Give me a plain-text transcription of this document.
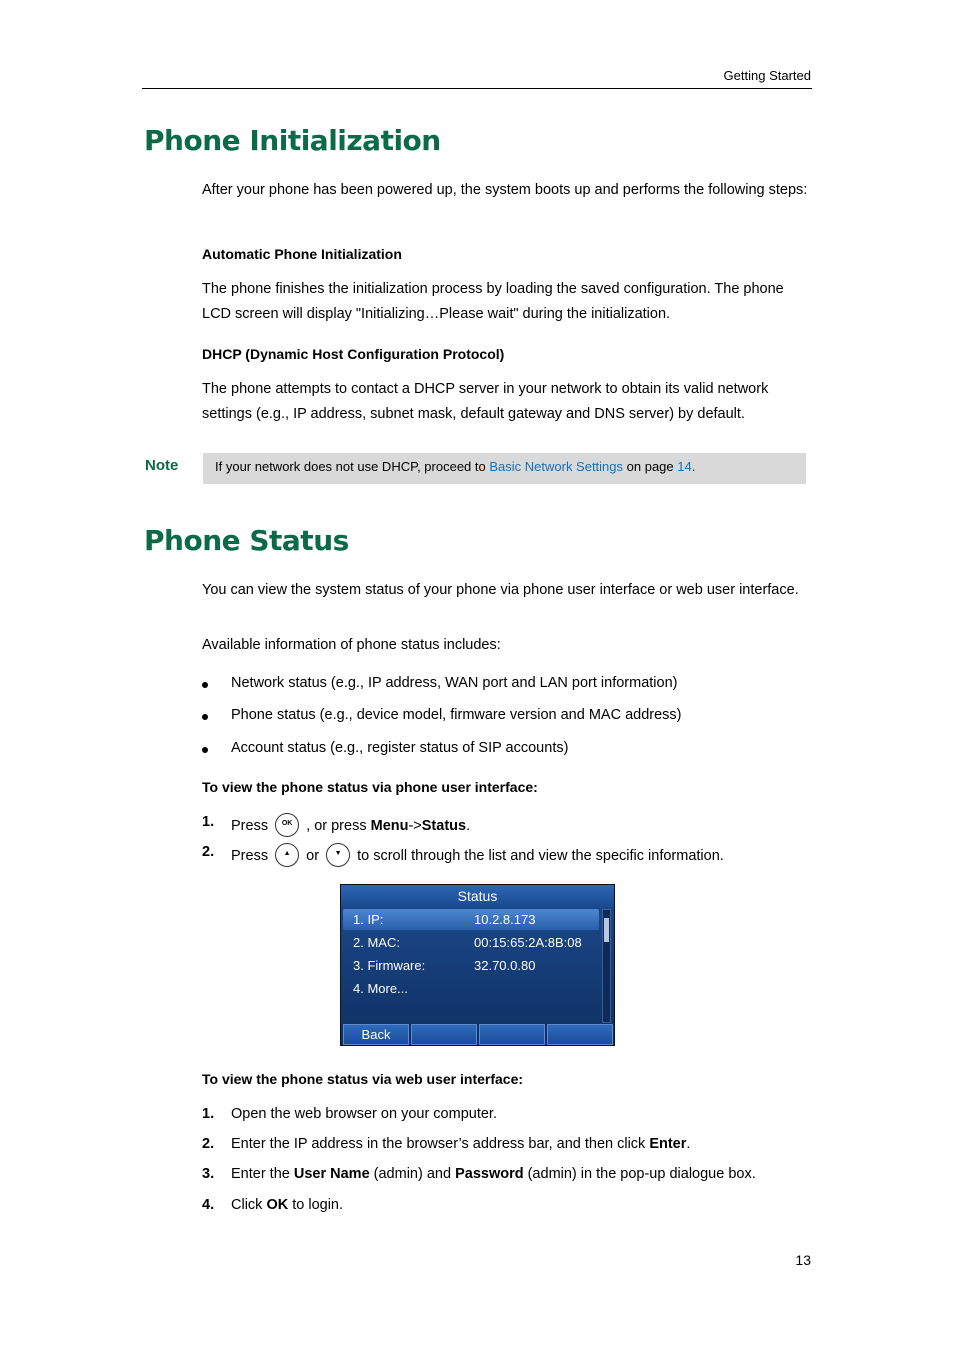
Getting Started
Phone Initialization
After your phone has been powered up, the system boots up and performs the following steps:
Automatic Phone Initialization
The phone finishes the initialization process by loading the saved configuration. The phone LCD screen will display "Initializing…Please wait" during the initialization.
DHCP (Dynamic Host Configuration Protocol)
The phone attempts to contact a DHCP server in your network to obtain its valid network settings (e.g., IP address, subnet mask, default gateway and DNS server) by default.
Note	If your network does not use DHCP, proceed to Basic Network Settings on page 14.
Phone Status
You can view the system status of your phone via phone user interface or web user interface.
Available information of phone status includes:
Network status (e.g., IP address, WAN port and LAN port information)
Phone status (e.g., device model, firmware version and MAC address)
Account status (e.g., register status of SIP accounts)
To view the phone status via phone user interface:
1. Press	OK , or press Menu->Status.
2. Press	▲	or	▼	to scroll through the list and view the specific information.
Status
1. IP:	10.2.8.173
2. MAC:	00:15:65:2A:8B:08
3. Firmware:	32.70.0.80
4. More...
Back
To view the phone status via web user interface:
1. Open the web browser on your computer.
2. Enter the IP address in the browser’s address bar, and then click Enter.
3. Enter the User Name (admin) and Password (admin) in the pop-up dialogue box.
4. Click OK to login.
13
